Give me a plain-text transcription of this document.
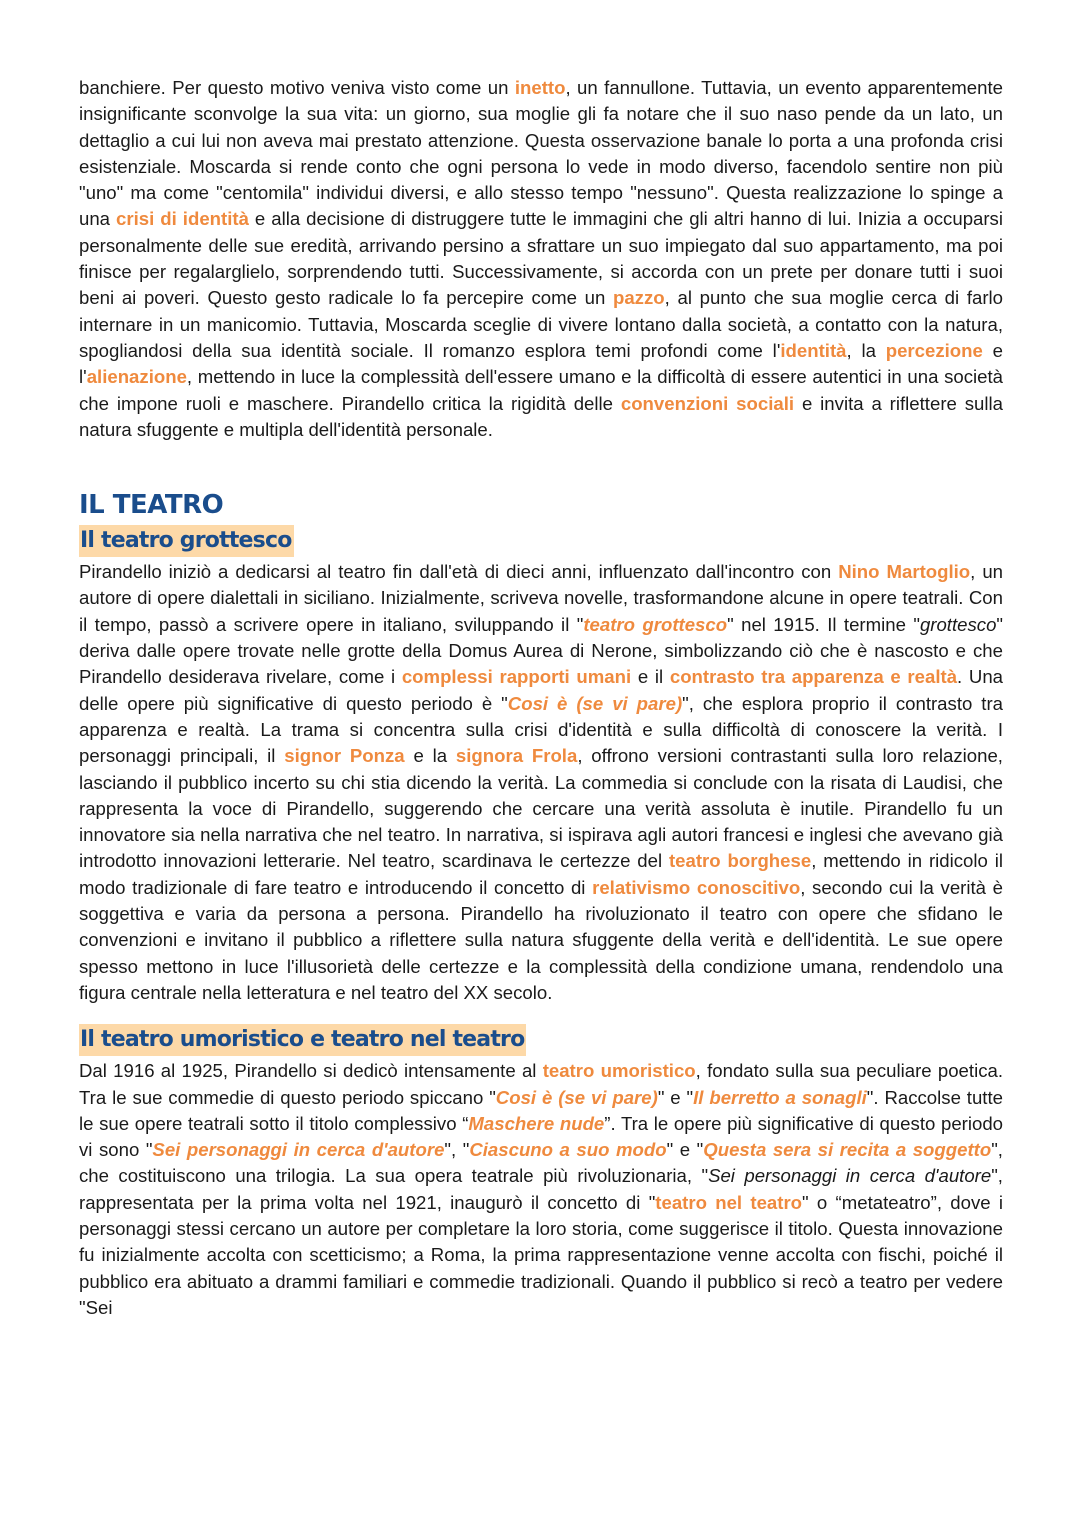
banchiere. Per questo motivo veniva visto come un inetto, un fannullone. Tuttavia, un evento apparentemente insignificante sconvolge la sua vita: un giorno, sua moglie gli fa notare che il suo naso pende da un lato, un dettaglio a cui lui non aveva mai prestato attenzione. Questa osservazione banale lo porta a una profonda crisi esistenziale. Moscarda si rende conto che ogni persona lo vede in modo diverso, facendolo sentire non più "uno" ma come "centomila" individui diversi, e allo stesso tempo "nessuno". Questa realizzazione lo spinge a una crisi di identità e alla decisione di distruggere tutte le immagini che gli altri hanno di lui. Inizia a occuparsi personalmente delle sue eredità, arrivando persino a sfrattare un suo impiegato dal suo appartamento, ma poi finisce per regalarglielo, sorprendendo tutti. Successivamente, si accorda con un prete per donare tutti i suoi beni ai poveri. Questo gesto radicale lo fa percepire come un pazzo, al punto che sua moglie cerca di farlo internare in un manicomio. Tuttavia, Moscarda sceglie di vivere lontano dalla società, a contatto con la natura, spogliandosi della sua identità sociale. Il romanzo esplora temi profondi come l'identità, la percezione e l'alienazione, mettendo in luce la complessità dell'essere umano e la difficoltà di essere autentici in una società che impone ruoli e maschere. Pirandello critica la rigidità delle convenzioni sociali e invita a riflettere sulla natura sfuggente e multipla dell'identità personale.

IL TEATRO
Il teatro grottesco

Pirandello iniziò a dedicarsi al teatro fin dall'età di dieci anni, influenzato dall'incontro con Nino Martoglio, un autore di opere dialettali in siciliano. Inizialmente, scriveva novelle, trasformandone alcune in opere teatrali. Con il tempo, passò a scrivere opere in italiano, sviluppando il "teatro grottesco" nel 1915. Il termine "grottesco" deriva dalle opere trovate nelle grotte della Domus Aurea di Nerone, simbolizzando ciò che è nascosto e che Pirandello desiderava rivelare, come i complessi rapporti umani e il contrasto tra apparenza e realtà. Una delle opere più significative di questo periodo è "Cosi è (se vi pare)", che esplora proprio il contrasto tra apparenza e realtà. La trama si concentra sulla crisi d'identità e sulla difficoltà di conoscere la verità. I personaggi principali, il signor Ponza e la signora Frola, offrono versioni contrastanti sulla loro relazione, lasciando il pubblico incerto su chi stia dicendo la verità. La commedia si conclude con la risata di Laudisi, che rappresenta la voce di Pirandello, suggerendo che cercare una verità assoluta è inutile. Pirandello fu un innovatore sia nella narrativa che nel teatro. In narrativa, si ispirava agli autori francesi e inglesi che avevano già introdotto innovazioni letterarie. Nel teatro, scardinava le certezze del teatro borghese, mettendo in ridicolo il modo tradizionale di fare teatro e introducendo il concetto di relativismo conoscitivo, secondo cui la verità è soggettiva e varia da persona a persona. Pirandello ha rivoluzionato il teatro con opere che sfidano le convenzioni e invitano il pubblico a riflettere sulla natura sfuggente della verità e dell'identità. Le sue opere spesso mettono in luce l'illusorietà delle certezze e la complessità della condizione umana, rendendolo una figura centrale nella letteratura e nel teatro del XX secolo.

Il teatro umoristico e teatro nel teatro

Dal 1916 al 1925, Pirandello si dedicò intensamente al teatro umoristico, fondato sulla sua peculiare poetica. Tra le sue commedie di questo periodo spiccano "Cosi è (se vi pare)" e "Il berretto a sonagli". Raccolse tutte le sue opere teatrali sotto il titolo complessivo “Maschere nude”. Tra le opere più significative di questo periodo vi sono "Sei personaggi in cerca d'autore", "Ciascuno a suo modo" e "Questa sera si recita a soggetto", che costituiscono una trilogia. La sua opera teatrale più rivoluzionaria, "Sei personaggi in cerca d'autore", rappresentata per la prima volta nel 1921, inaugurò il concetto di "teatro nel teatro" o “metateatro”, dove i personaggi stessi cercano un autore per completare la loro storia, come suggerisce il titolo. Questa innovazione fu inizialmente accolta con scetticismo; a Roma, la prima rappresentazione venne accolta con fischi, poiché il pubblico era abituato a drammi familiari e commedie tradizionali. Quando il pubblico si recò a teatro per vedere "Sei
